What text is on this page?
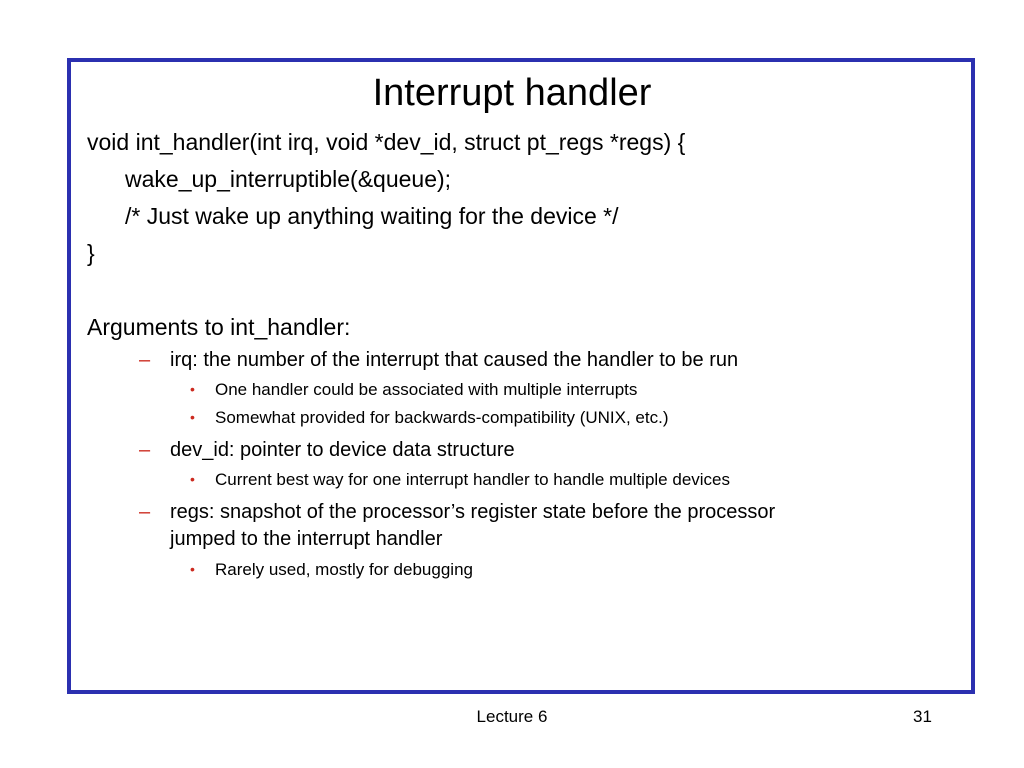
Interrupt handler
void int_handler(int irq, void *dev_id, struct pt_regs *regs) {
wake_up_interruptible(&queue);
/* Just wake up anything waiting for the device */
}
Arguments to int_handler:
– irq: the number of the interrupt that caused the handler to be run
• One handler could be associated with multiple interrupts
• Somewhat provided for backwards-compatibility (UNIX, etc.)
– dev_id: pointer to device data structure
• Current best way for one interrupt handler to handle multiple devices
– regs: snapshot of the processor’s register state before the processor
jumped to the interrupt handler
• Rarely used, mostly for debugging
Lecture 6	31
